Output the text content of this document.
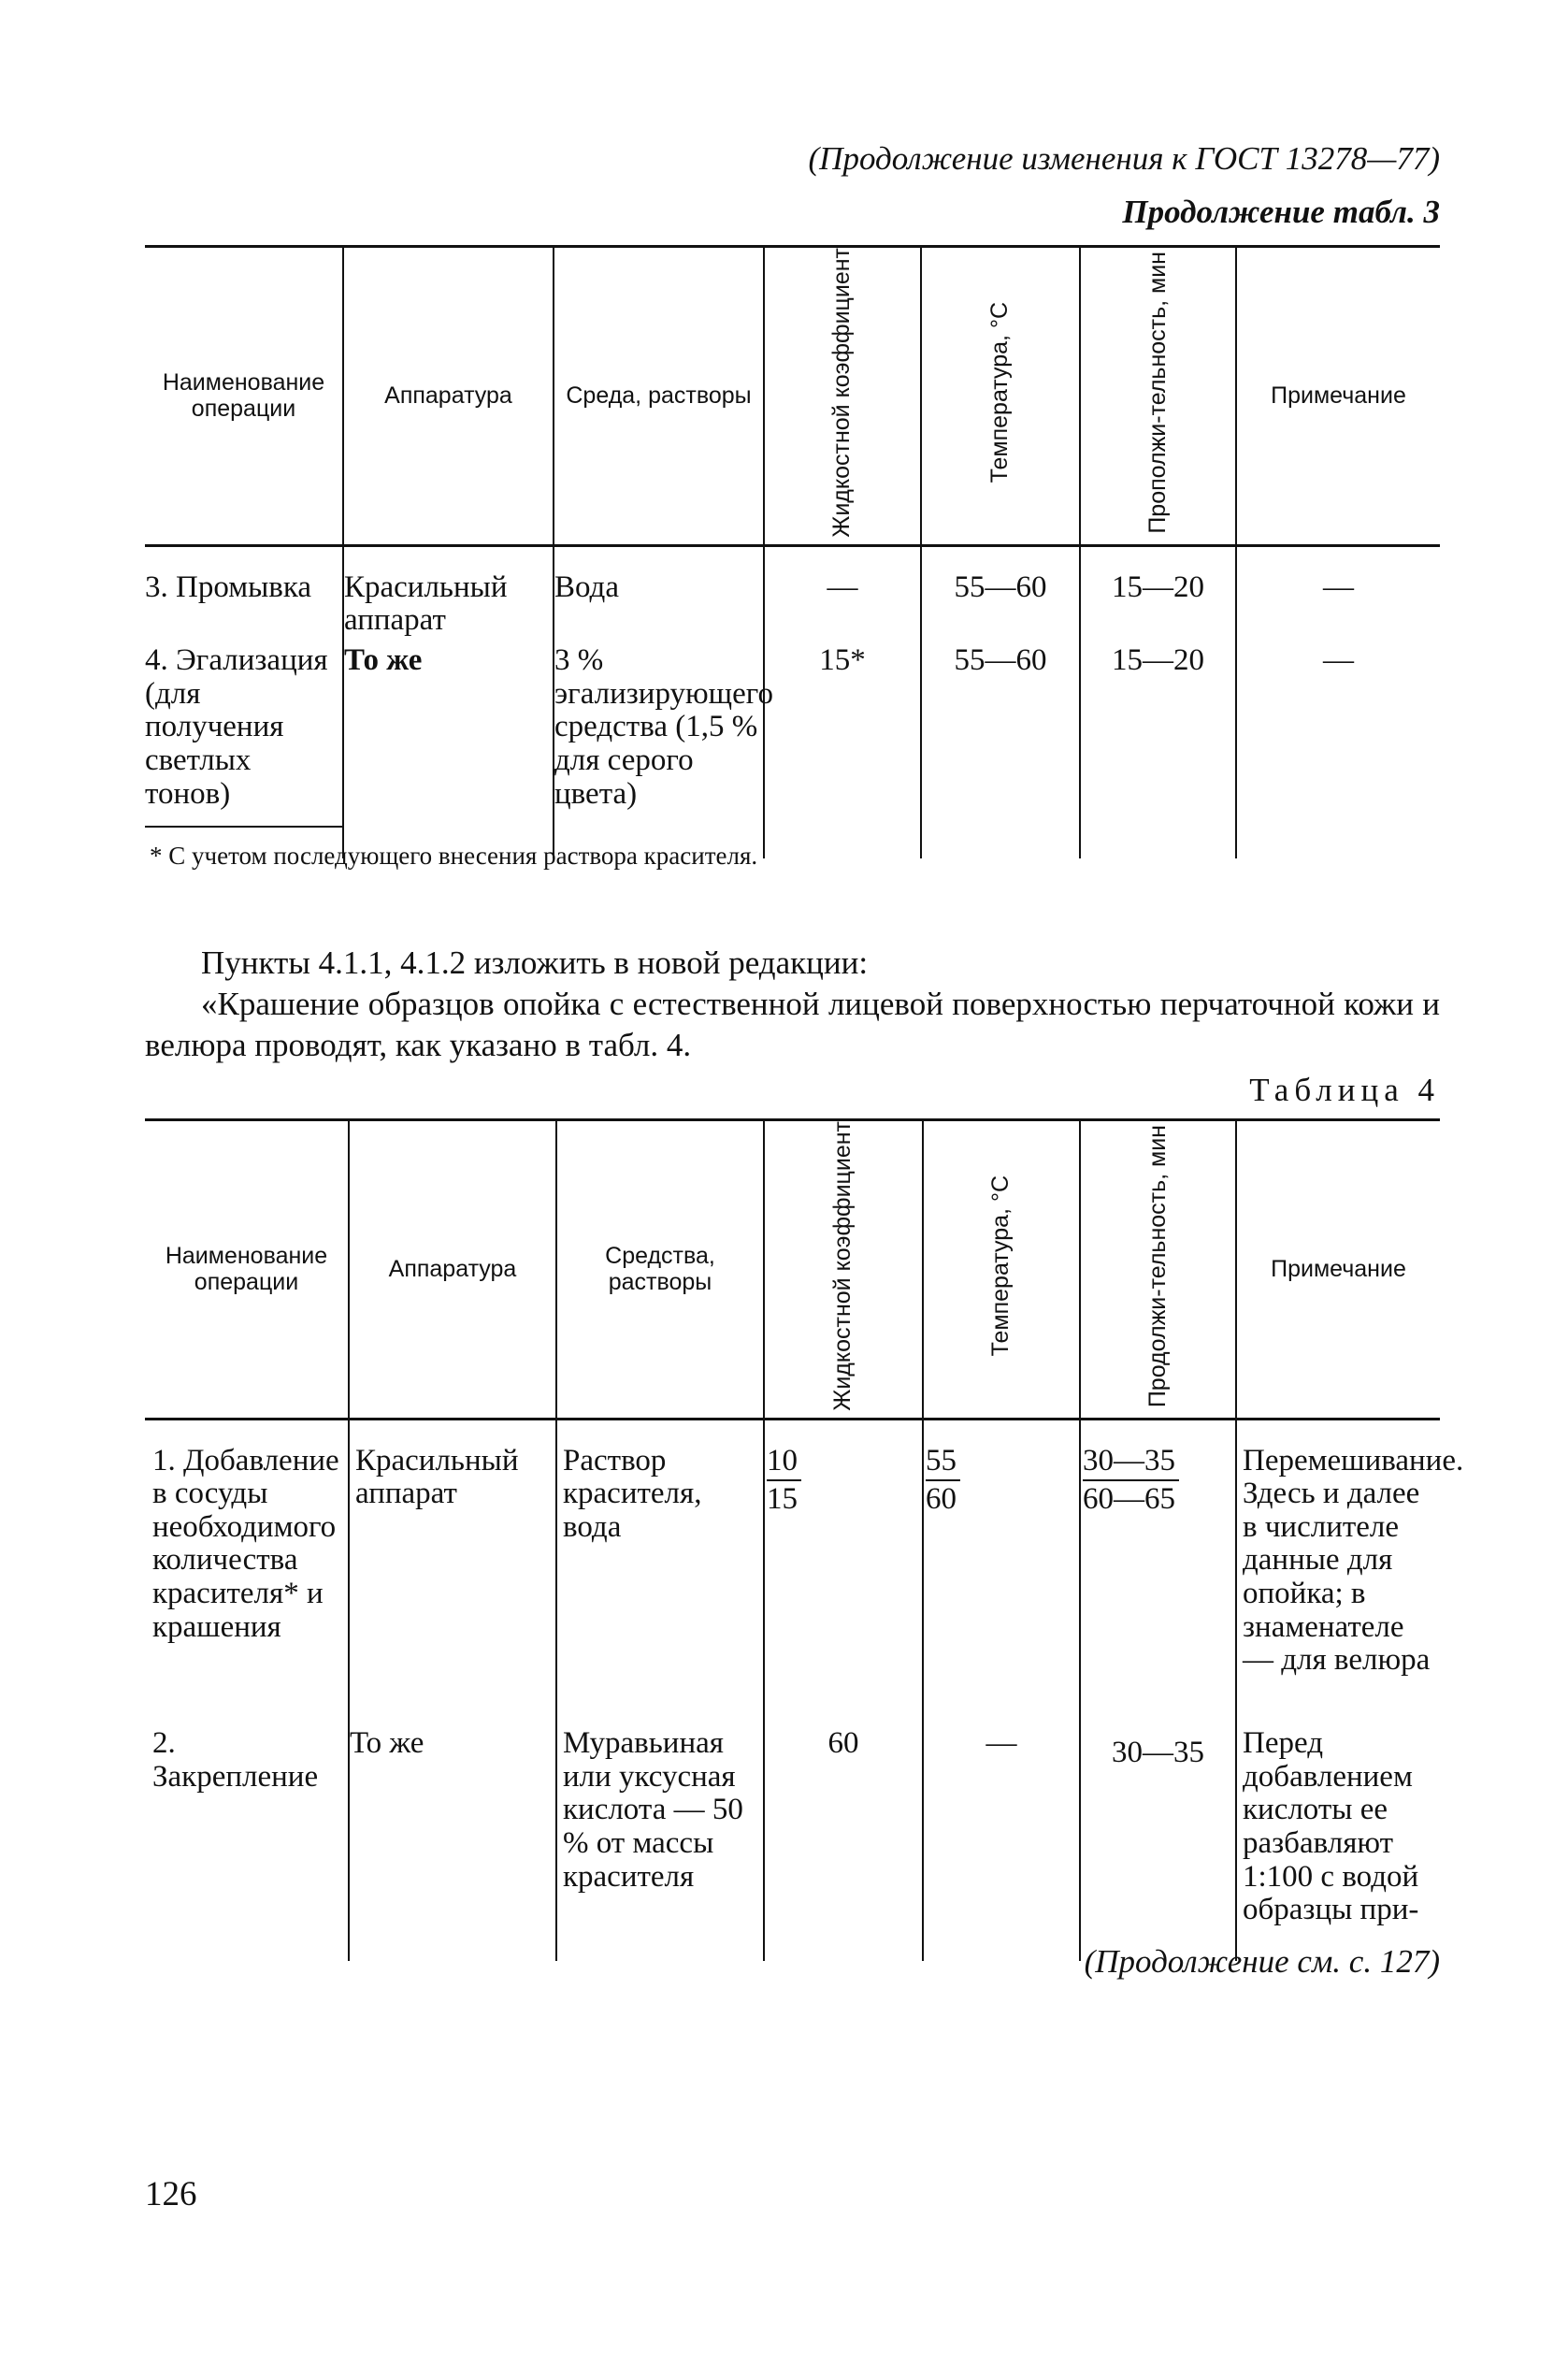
(Продолжение изменения к ГОСТ 13278—77)
Продолжение табл. 3
Наименование операции	Аппаратура	Среда, растворы	Жидкостной коэффициент	Температура, °С	Прополжи-тельность, мин	Примечание
3. Промывка	Красильный аппарат	Вода	—	55—60	15—20	—
4. Эгализация (для получения светлых тонов)	То же	3 % эгализирующего средства (1,5 % для серого цвета)	15*	55—60	15—20	—
* С учетом последующего внесения раствора красителя.

Пункты 4.1.1, 4.1.2 изложить в новой редакции:

«Крашение образцов опойка с естественной лицевой поверхностью перчаточной кожи и велюра проводят, как указано в табл. 4.

Таблица 4
Наименование операции	Аппаратура	Средства, растворы	Жидкостной коэффициент	Температура, °С	Продолжи-тельность, мин	Примечание
1. Добавление в сосуды необходимого количества красителя* и крашения	Красильный аппарат	Раствор красителя, вода	$\frac{10}{15}$	$\frac{55}{60}$	$\frac{30—35}{60—65}$	Перемешивание. Здесь и далее в числителе данные для опойка; в знаменателе — для велюра
2. Закрепление	То же	Муравьиная или уксусная кислота — 50 % от массы красителя	60	—	30—35	Перед добавлением кислоты ее разбавляют 1:100 с водой образцы при-
(Продолжение см. с. 127)
126
